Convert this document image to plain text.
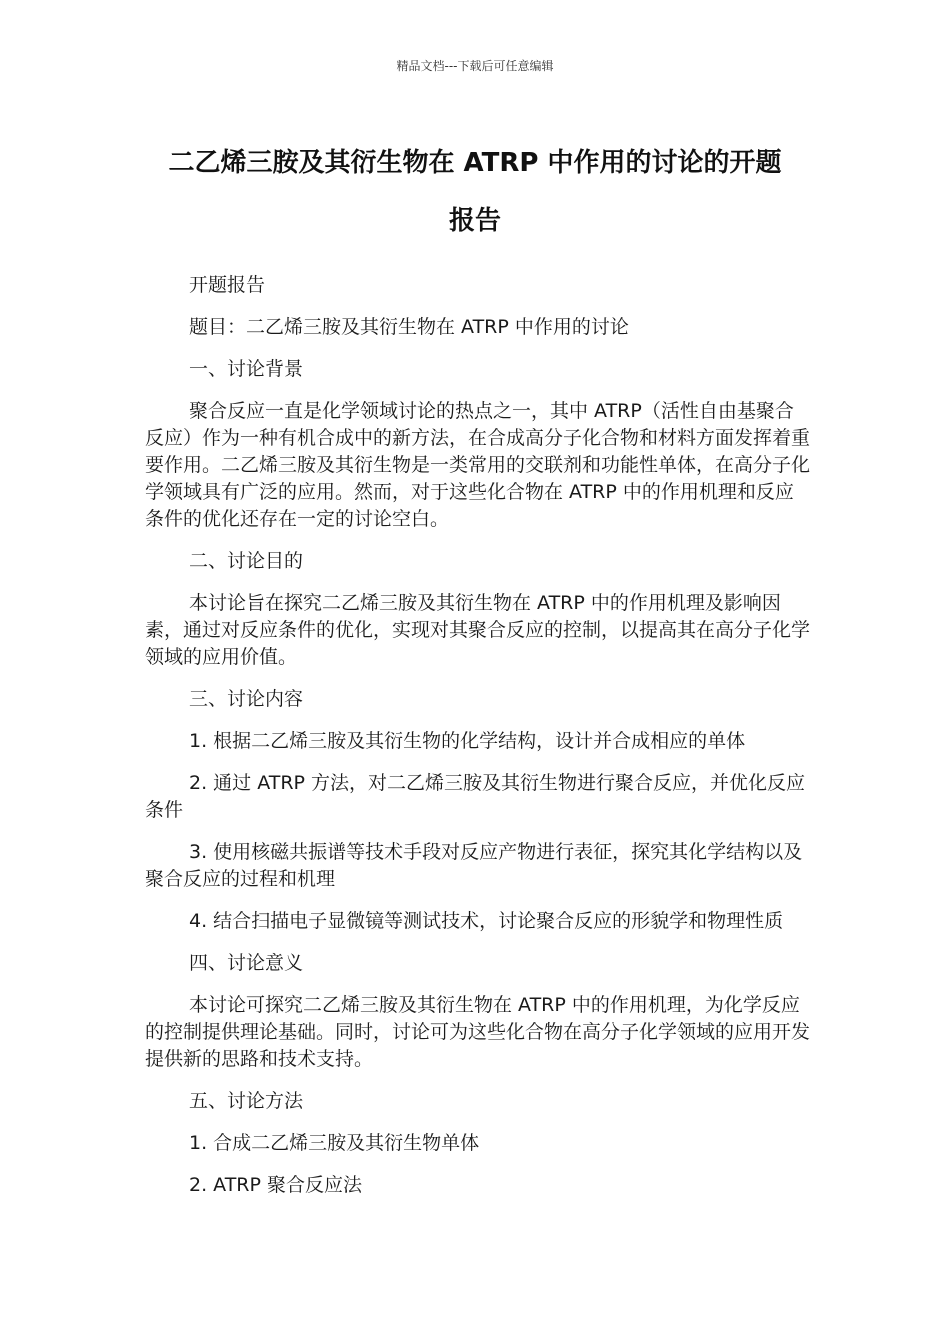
精品文档---下载后可任意编辑
二乙烯三胺及其衍生物在 ATRP 中作用的讨论的开题
报告

开题报告

题目：二乙烯三胺及其衍生物在 ATRP 中作用的讨论

一、讨论背景

聚合反应一直是化学领域讨论的热点之一，其中 ATRP（活性自由基聚合反应）作为一种有机合成中的新方法，在合成高分子化合物和材料方面发挥着重要作用。二乙烯三胺及其衍生物是一类常用的交联剂和功能性单体，在高分子化学领域具有广泛的应用。然而，对于这些化合物在 ATRP 中的作用机理和反应条件的优化还存在一定的讨论空白。

二、讨论目的

本讨论旨在探究二乙烯三胺及其衍生物在 ATRP 中的作用机理及影响因素，通过对反应条件的优化，实现对其聚合反应的控制，以提高其在高分子化学领域的应用价值。

三、讨论内容

1. 根据二乙烯三胺及其衍生物的化学结构，设计并合成相应的单体

2. 通过 ATRP 方法，对二乙烯三胺及其衍生物进行聚合反应，并优化反应条件

3. 使用核磁共振谱等技术手段对反应产物进行表征，探究其化学结构以及聚合反应的过程和机理

4. 结合扫描电子显微镜等测试技术，讨论聚合反应的形貌学和物理性质

四、讨论意义

本讨论可探究二乙烯三胺及其衍生物在 ATRP 中的作用机理，为化学反应的控制提供理论基础。同时，讨论可为这些化合物在高分子化学领域的应用开发提供新的思路和技术支持。

五、讨论方法

1. 合成二乙烯三胺及其衍生物单体

2. ATRP 聚合反应法
